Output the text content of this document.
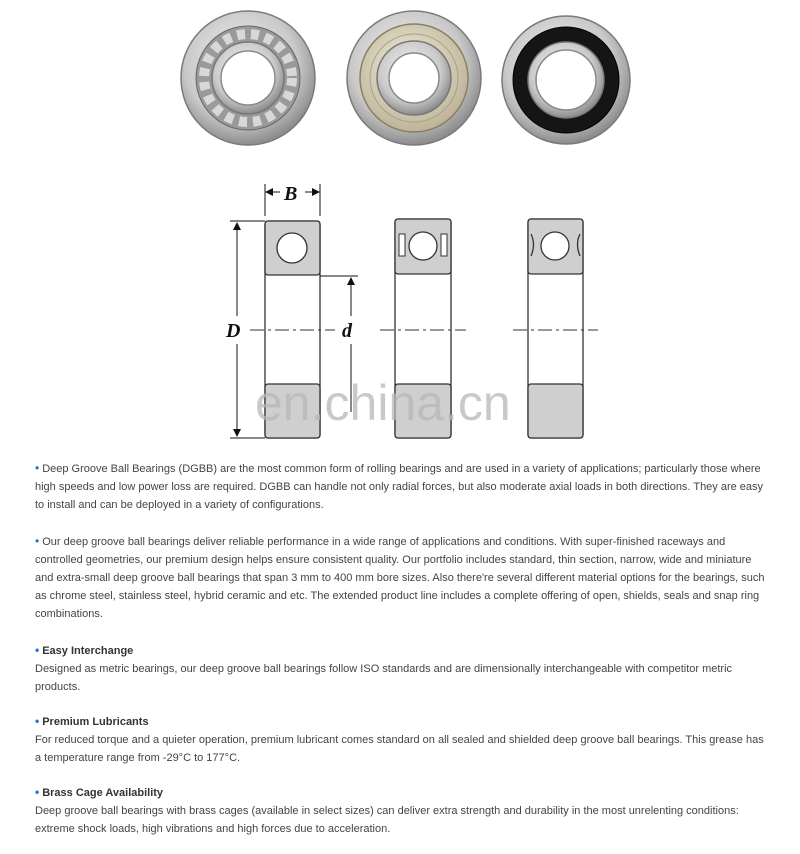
B
D	d
en.china.cn

• Deep Groove Ball Bearings (DGBB) are the most common form of rolling bearings and are used in a variety of applications; particularly those where high speeds and low power loss are required. DGBB can handle not only radial forces, but also moderate axial loads in both directions. They are easy to install and can be deployed in a variety of configurations.

• Our deep groove ball bearings deliver reliable performance in a wide range of applications and conditions. With super-finished raceways and controlled geometries, our premium design helps ensure consistent quality. Our portfolio includes standard, thin section, narrow, wide and miniature and extra-small deep groove ball bearings that span 3 mm to 400 mm bore sizes. Also there're several different material options for the bearings, such as chrome steel, stainless steel, hybrid ceramic and etc. The extended product line includes a complete offering of open, shields, seals and snap ring combinations.

• Easy Interchange
Designed as metric bearings, our deep groove ball bearings follow ISO standards and are dimensionally interchangeable with competitor metric products.
• Premium Lubricants
For reduced torque and a quieter operation, premium lubricant comes standard on all sealed and shielded deep groove ball bearings. This grease has a temperature range from -29°C to 177°C.
• Brass Cage Availability
Deep groove ball bearings with brass cages (available in select sizes) can deliver extra strength and durability in the most unrelenting conditions: extreme shock loads, high vibrations and high forces due to acceleration.
